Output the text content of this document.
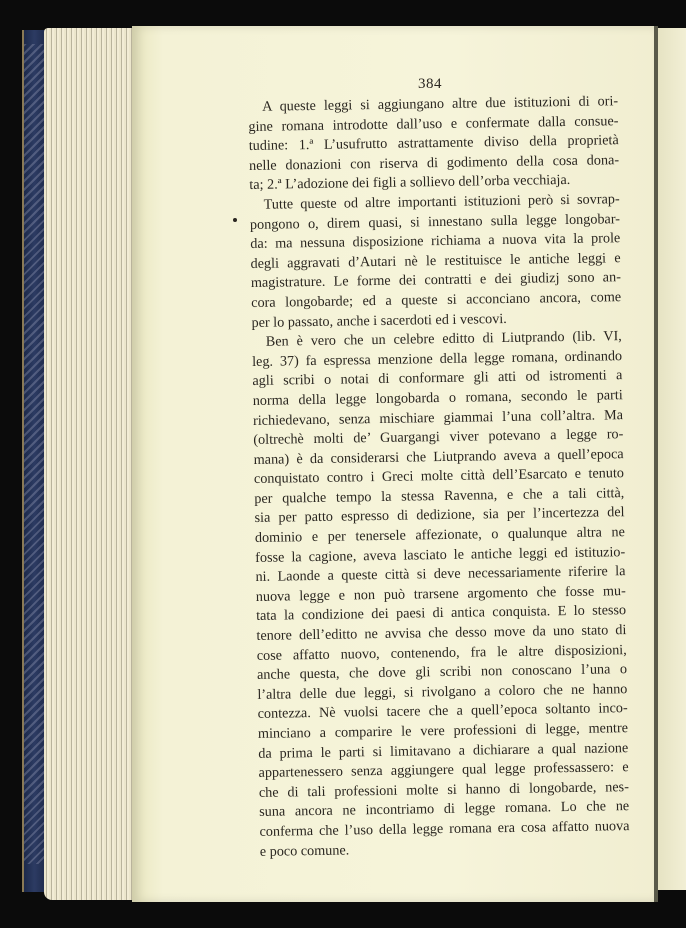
384
A queste leggi si aggiungano altre due istituzioni di ori-
gine romana introdotte dall’uso e confermate dalla consue-
tudine: 1.ª L’usufrutto astrattamente diviso della proprietà
nelle donazioni con riserva di godimento della cosa dona-
ta; 2.ª L’adozione dei figli a sollievo dell’orba vecchiaja.
Tutte queste od altre importanti istituzioni però si sovrap-
pongono o, direm quasi, si innestano sulla legge longobar-
da: ma nessuna disposizione richiama a nuova vita la prole
degli aggravati d’Autari nè le restituisce le antiche leggi e
magistrature. Le forme dei contratti e dei giudizj sono an-
cora longobarde; ed a queste si acconciano ancora, come
per lo passato, anche i sacerdoti ed i vescovi.
Ben è vero che un celebre editto di Liutprando (lib. VI,
leg. 37) fa espressa menzione della legge romana, ordinando
agli scribi o notai di conformare gli atti od istromenti a
norma della legge longobarda o romana, secondo le parti
richiedevano, senza mischiare giammai l’una coll’altra. Ma
(oltrechè molti de’ Guargangi viver potevano a legge ro-
mana) è da considerarsi che Liutprando aveva a quell’epoca
conquistato contro i Greci molte città dell’Esarcato e tenuto
per qualche tempo la stessa Ravenna, e che a tali città,
sia per patto espresso di dedizione, sia per l’incertezza del
dominio e per tenersele affezionate, o qualunque altra ne
fosse la cagione, aveva lasciato le antiche leggi ed istituzio-
ni. Laonde a queste città si deve necessariamente riferire la
nuova legge e non può trarsene argomento che fosse mu-
tata la condizione dei paesi di antica conquista. E lo stesso
tenore dell’editto ne avvisa che desso move da uno stato di
cose affatto nuovo, contenendo, fra le altre disposizioni,
anche questa, che dove gli scribi non conoscano l’una o
l’altra delle due leggi, si rivolgano a coloro che ne hanno
contezza. Nè vuolsi tacere che a quell’epoca soltanto inco-
minciano a comparire le vere professioni di legge, mentre
da prima le parti si limitavano a dichiarare a qual nazione
appartenessero senza aggiungere qual legge professassero: e
che di tali professioni molte si hanno di longobarde, nes-
suna ancora ne incontriamo di legge romana. Lo che ne
conferma che l’uso della legge romana era cosa affatto nuova
e poco comune.
